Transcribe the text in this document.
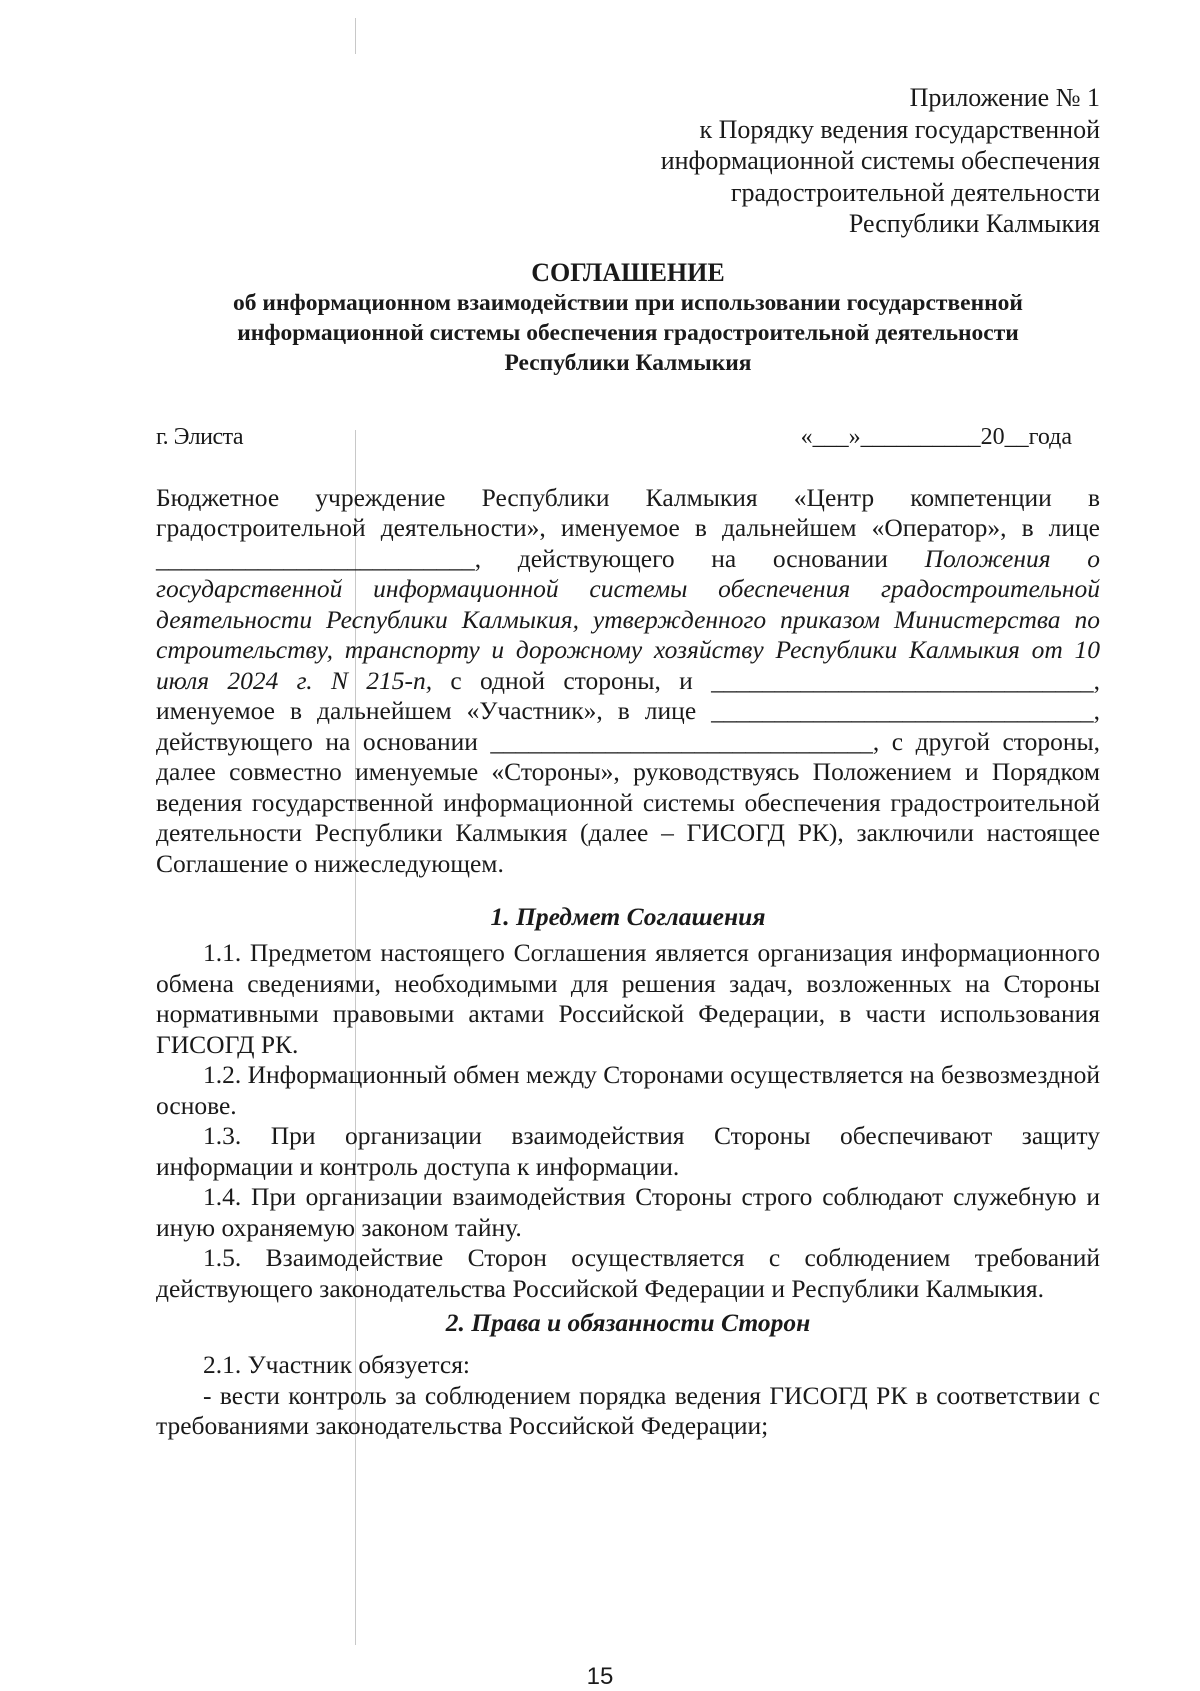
Приложение № 1
к Порядку ведения государственной
информационной системы обеспечения
градостроительной деятельности
Республики Калмыкия
СОГЛАШЕНИЕ
об информационном взаимодействии при использовании государственной
информационной системы обеспечения градостроительной деятельности
Республики Калмыкия
г. Элиста	«___»__________20__года

Бюджетное учреждение Республики Калмыкия «Центр компетенции в градостроительной деятельности», именуемое в дальнейшем «Оператор», в лице _________________________, действующего на основании Положения о государственной информационной системы обеспечения градостроительной деятельности Республики Калмыкия, утвержденного приказом Министерства по строительству, транспорту и дорожному хозяйству Республики Калмыкия от 10 июля 2024 г. N 215-п, с одной стороны, и ______________________________, именуемое в дальнейшем «Участник», в лице ______________________________, действующего на основании ______________________________, с другой стороны, далее совместно именуемые «Стороны», руководствуясь Положением и Порядком ведения государственной информационной системы обеспечения градостроительной деятельности Республики Калмыкия (далее – ГИСОГД РК), заключили настоящее Соглашение о нижеследующем.

1. Предмет Соглашения

1.1. Предметом настоящего Соглашения является организация информационного обмена сведениями, необходимыми для решения задач, возложенных на Стороны нормативными правовыми актами Российской Федерации, в части использования ГИСОГД РК.

1.2. Информационный обмен между Сторонами осуществляется на безвозмездной основе.

1.3. При организации взаимодействия Стороны обеспечивают защиту информации и контроль доступа к информации.

1.4. При организации взаимодействия Стороны строго соблюдают служебную и иную охраняемую законом тайну.

1.5. Взаимодействие Сторон осуществляется с соблюдением требований действующего законодательства Российской Федерации и Республики Калмыкия.

2. Права и обязанности Сторон

2.1. Участник обязуется:

- вести контроль за соблюдением порядка ведения ГИСОГД РК в соответствии с требованиями законодательства Российской Федерации;

15
